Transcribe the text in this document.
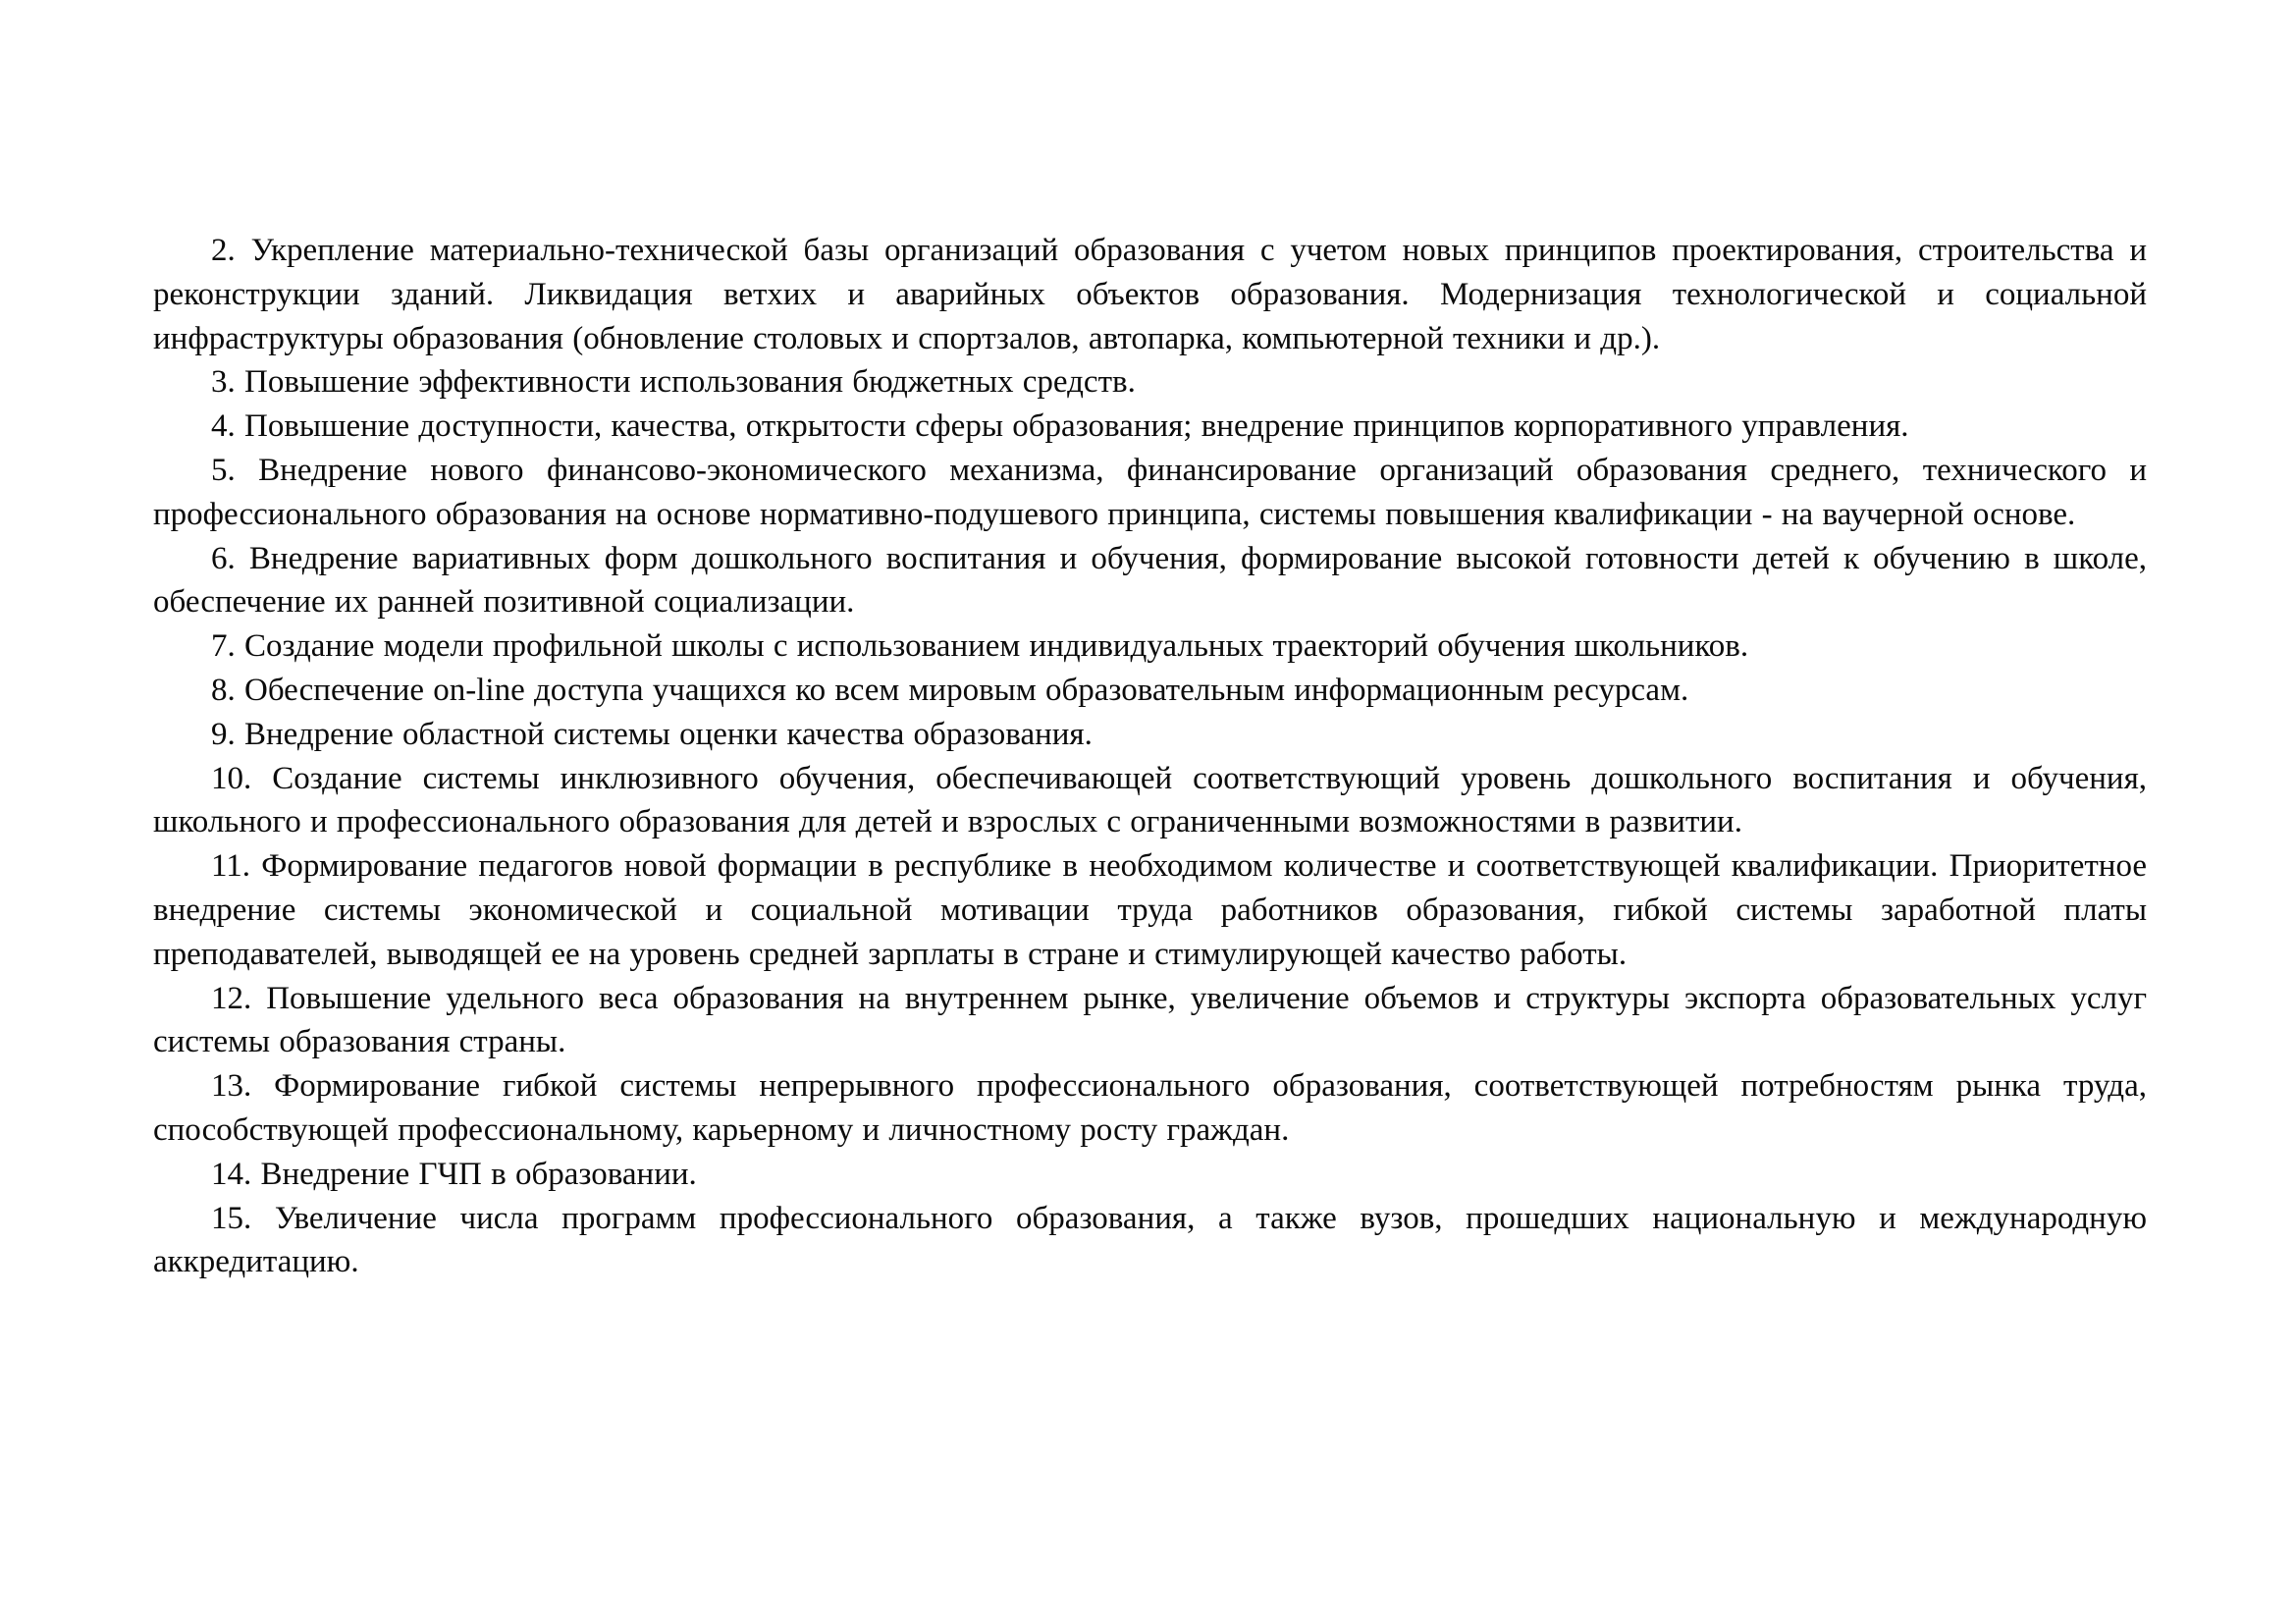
2. Укрепление материально-технической базы организаций образования с учетом новых принципов проектирования, строительства и реконструкции зданий. Ликвидация ветхих и аварийных объектов образования. Модернизация технологической и социальной инфраструктуры образования (обновление столовых и спортзалов, автопарка, компьютерной техники и др.).

3. Повышение эффективности использования бюджетных средств.

4. Повышение доступности, качества, открытости сферы образования; внедрение принципов корпоративного управления.

5. Внедрение нового финансово-экономического механизма, финансирование организаций образования среднего, технического и профессионального образования на основе нормативно-подушевого принципа, системы повышения квалификации - на ваучерной основе.

6. Внедрение вариативных форм дошкольного воспитания и обучения, формирование высокой готовности детей к обучению в школе, обеспечение их ранней позитивной социализации.

7. Создание модели профильной школы с использованием индивидуальных траекторий обучения школьников.

8. Обеспечение on-line доступа учащихся ко всем мировым образовательным информационным ресурсам.

9. Внедрение областной системы оценки качества образования.

10. Создание системы инклюзивного обучения, обеспечивающей соответствующий уровень дошкольного воспитания и обучения, школьного и профессионального образования для детей и взрослых с ограниченными возможностями в развитии.

11. Формирование педагогов новой формации в республике в необходимом количестве и соответствующей квалификации. Приоритетное внедрение системы экономической и социальной мотивации труда работников образования, гибкой системы заработной платы преподавателей, выводящей ее на уровень средней зарплаты в стране и стимулирующей качество работы.

12. Повышение удельного веса образования на внутреннем рынке, увеличение объемов и структуры экспорта образовательных услуг системы образования страны.

13. Формирование гибкой системы непрерывного профессионального образования, соответствующей потребностям рынка труда, способствующей профессиональному, карьерному и личностному росту граждан.

14. Внедрение ГЧП в образовании.

15. Увеличение числа программ профессионального образования, а также вузов, прошедших национальную и международную аккредитацию.
